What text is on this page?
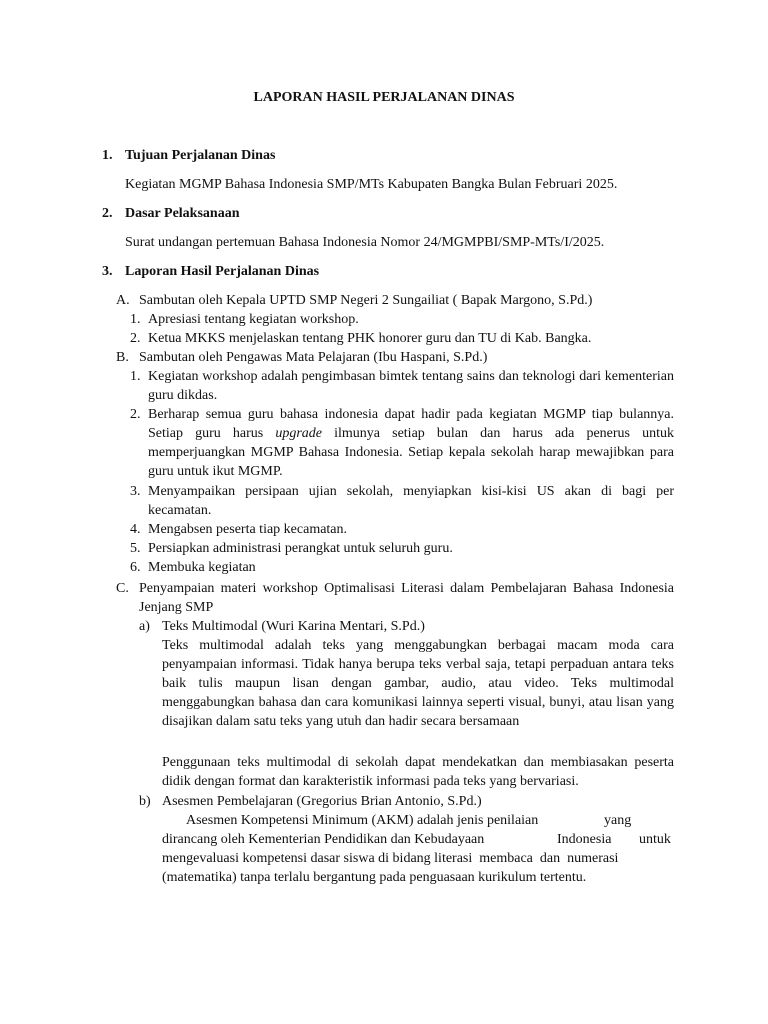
LAPORAN HASIL PERJALANAN DINAS
1. Tujuan Perjalanan Dinas
Kegiatan MGMP Bahasa Indonesia SMP/MTs Kabupaten Bangka Bulan Februari 2025.
2. Dasar Pelaksanaan
Surat undangan pertemuan Bahasa Indonesia Nomor 24/MGMPBI/SMP-MTs/I/2025.
3. Laporan Hasil Perjalanan Dinas
A. Sambutan oleh Kepala UPTD SMP Negeri 2 Sungailiat ( Bapak Margono, S.Pd.)
1. Apresiasi tentang kegiatan workshop.
2. Ketua MKKS menjelaskan tentang PHK honorer guru dan TU di Kab. Bangka.
B. Sambutan oleh Pengawas Mata Pelajaran (Ibu Haspani, S.Pd.)
1. Kegiatan workshop adalah pengimbasan bimtek tentang sains dan teknologi dari kementerian guru dikdas.
2. Berharap semua guru bahasa indonesia dapat hadir pada kegiatan MGMP tiap bulannya. Setiap guru harus upgrade ilmunya setiap bulan dan harus ada penerus untuk memperjuangkan MGMP Bahasa Indonesia. Setiap kepala sekolah harap mewajibkan para guru untuk ikut MGMP.
3. Menyampaikan persipaan ujian sekolah, menyiapkan kisi-kisi US akan di bagi per kecamatan.
4. Mengabsen peserta tiap kecamatan.
5. Persiapkan administrasi perangkat untuk seluruh guru.
6. Membuka kegiatan
C. Penyampaian materi workshop Optimalisasi Literasi dalam Pembelajaran Bahasa Indonesia Jenjang SMP
a) Teks Multimodal (Wuri Karina Mentari, S.Pd.)
Teks multimodal adalah teks yang menggabungkan berbagai macam moda cara penyampaian informasi. Tidak hanya berupa teks verbal saja, tetapi perpaduan antara teks baik tulis maupun lisan dengan gambar, audio, atau video. Teks multimodal menggabungkan bahasa dan cara komunikasi lainnya seperti visual, bunyi, atau lisan yang disajikan dalam satu teks yang utuh dan hadir secara bersamaan
Penggunaan teks multimodal di sekolah dapat mendekatkan dan membiasakan peserta didik dengan format dan karakteristik informasi pada teks yang bervariasi.
b) Asesmen Pembelajaran (Gregorius Brian Antonio, S.Pd.)
Asesmen Kompetensi Minimum (AKM) adalah jenis penilaian	yang
dirancang oleh Kementerian Pendidikan dan Kebudayaan	Indonesia untuk
mengevaluasi kompetensi dasar siswa di bidang literasi  membaca  dan  numerasi
(matematika) tanpa terlalu bergantung pada penguasaan kurikulum tertentu.
